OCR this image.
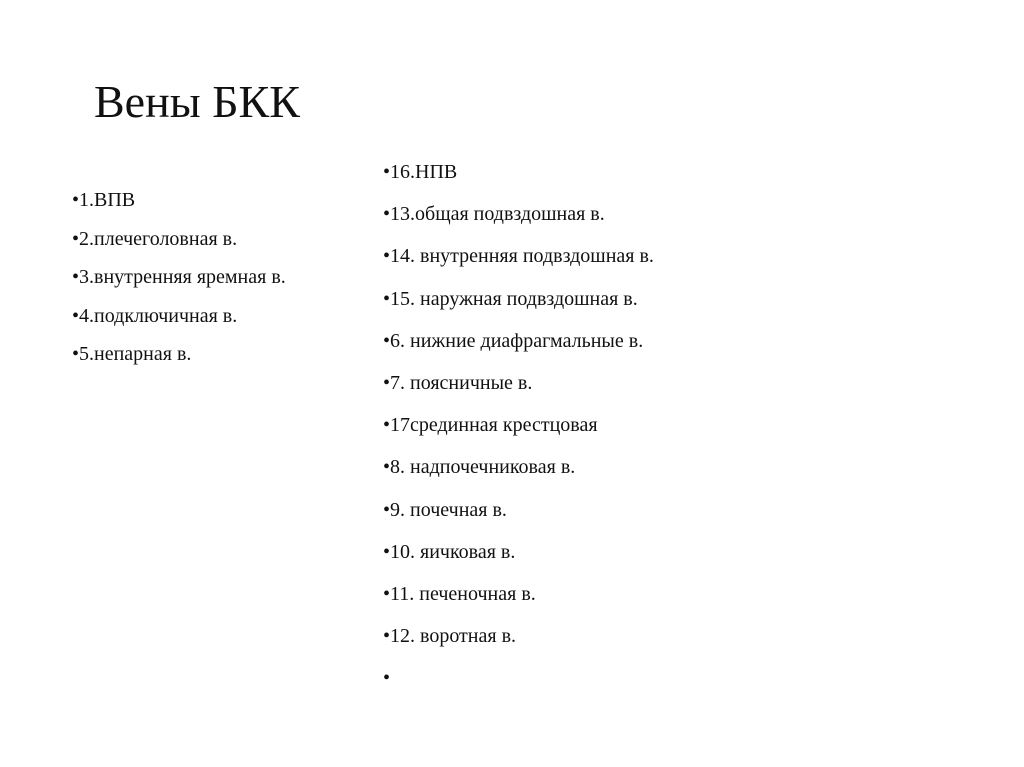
Вены БКК
•1.ВПВ
•2.плечеголовная в.
•3.внутренняя яремная в.
•4.подключичная в.
•5.непарная в.
•16.НПВ
•13.общая подвздошная в.
•14. внутренняя подвздошная в.
•15. наружная подвздошная в.
•6. нижние диафрагмальные в.
•7. поясничные в.
•17срединная крестцовая
•8. надпочечниковая в.
•9. почечная в.
•10. яичковая в.
•11. печеночная в.
•12. воротная в.
•
